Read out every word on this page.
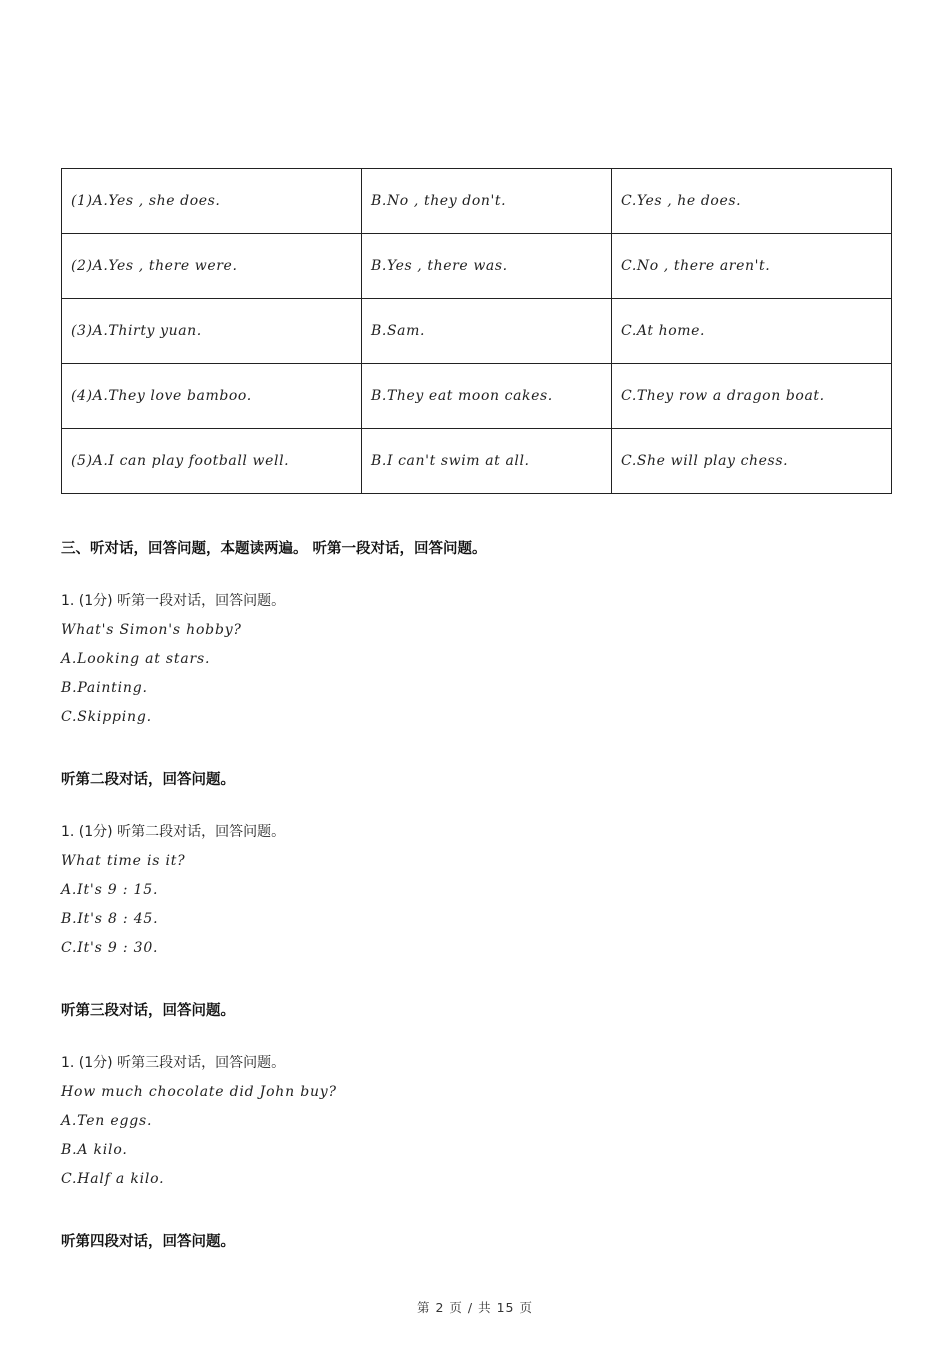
(1)A.Yes , she does.	B.No , they don't.	C.Yes , he does.
(2)A.Yes , there were.	B.Yes , there was.	C.No , there aren't.
(3)A.Thirty yuan.	B.Sam.	C.At home.
(4)A.They love bamboo.	B.They eat moon cakes.	C.They row a dragon boat.
(5)A.I can play football well.	B.I can't swim at all.	C.She will play chess.
三、听对话，回答问题，本题读两遍。 听第一段对话，回答问题。
1. (1分) 听第一段对话，回答问题。
What's Simon's hobby?
A.Looking at stars.
B.Painting.
C.Skipping.
听第二段对话，回答问题。
1. (1分) 听第二段对话，回答问题。
What time is it?
A.It's 9 : 15.
B.It's 8 : 45.
C.It's 9 : 30.
听第三段对话，回答问题。
1. (1分) 听第三段对话，回答问题。
How much chocolate did John buy?
A.Ten eggs.
B.A kilo.
C.Half a kilo.
听第四段对话，回答问题。
第 2 页 / 共 15 页
